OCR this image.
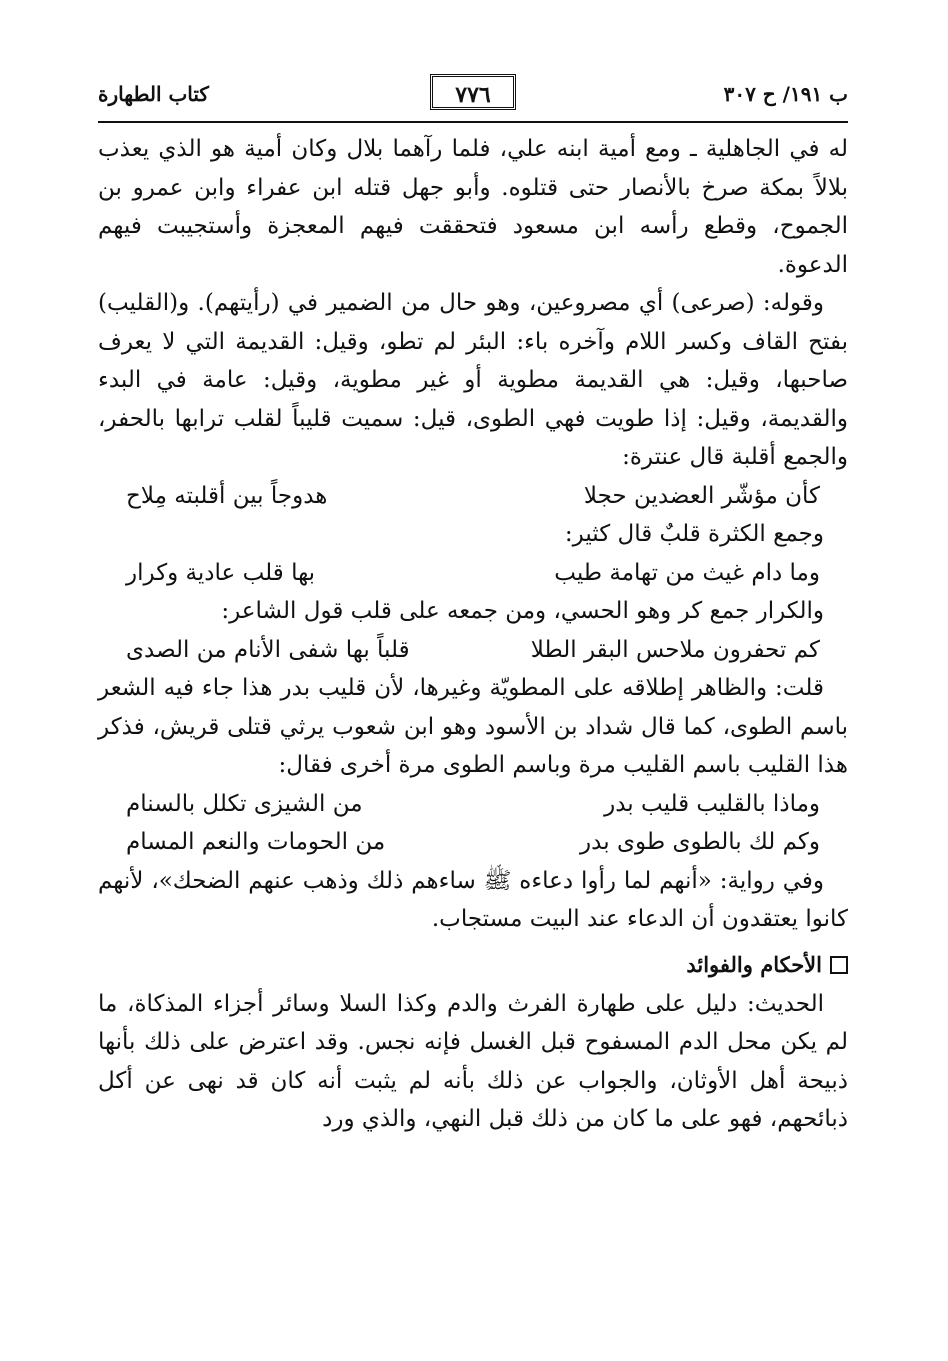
ب ١٩١/ ح ٣٠٧
٧٧٦
كتاب الطهارة

له في الجاهلية ـ ومع أمية ابنه علي، فلما رآهما بلال وكان أمية هو الذي يعذب بلالاً بمكة صرخ بالأنصار حتى قتلوه. وأبو جهل قتله ابن عفراء وابن عمرو بن الجموح، وقطع رأسه ابن مسعود فتحققت فيهم المعجزة وأستجيبت فيهم الدعوة.

وقوله: (صرعى) أي مصروعين، وهو حال من الضمير في (رأيتهم). و(القليب) بفتح القاف وكسر اللام وآخره باء: البئر لم تطو، وقيل: القديمة التي لا يعرف صاحبها، وقيل: هي القديمة مطوية أو غير مطوية، وقيل: عامة في البدء والقديمة، وقيل: إذا طويت فهي الطوى، قيل: سميت قليباً لقلب ترابها بالحفر، والجمع أقلبة قال عنترة:

كأن مؤشّر العضدين حجلا
هدوجاً بين أقلبته مِلاح

وجمع الكثرة قلبٌ قال كثير:

وما دام غيث من تهامة طيب
بها قلب عادية وكرار

والكرار جمع كر وهو الحسي، ومن جمعه على قلب قول الشاعر:

كم تحفرون ملاحس البقر الطلا
قلباً بها شفى الأنام من الصدى

قلت: والظاهر إطلاقه على المطويّة وغيرها، لأن قليب بدر هذا جاء فيه الشعر باسم الطوى، كما قال شداد بن الأسود وهو ابن شعوب يرثي قتلى قريش، فذكر هذا القليب باسم القليب مرة وباسم الطوى مرة أخرى فقال:

وماذا بالقليب قليب بدر
من الشيزى تكلل بالسنام
وكم لك بالطوى طوى بدر
من الحومات والنعم المسام

وفي رواية: «أنهم لما رأوا دعاءه ﷺ ساءهم ذلك وذهب عنهم الضحك»، لأنهم كانوا يعتقدون أن الدعاء عند البيت مستجاب.

الأحكام والفوائد

الحديث: دليل على طهارة الفرث والدم وكذا السلا وسائر أجزاء المذكاة، ما لم يكن محل الدم المسفوح قبل الغسل فإنه نجس. وقد اعترض على ذلك بأنها ذبيحة أهل الأوثان، والجواب عن ذلك بأنه لم يثبت أنه كان قد نهى عن أكل ذبائحهم، فهو على ما كان من ذلك قبل النهي، والذي ورد
